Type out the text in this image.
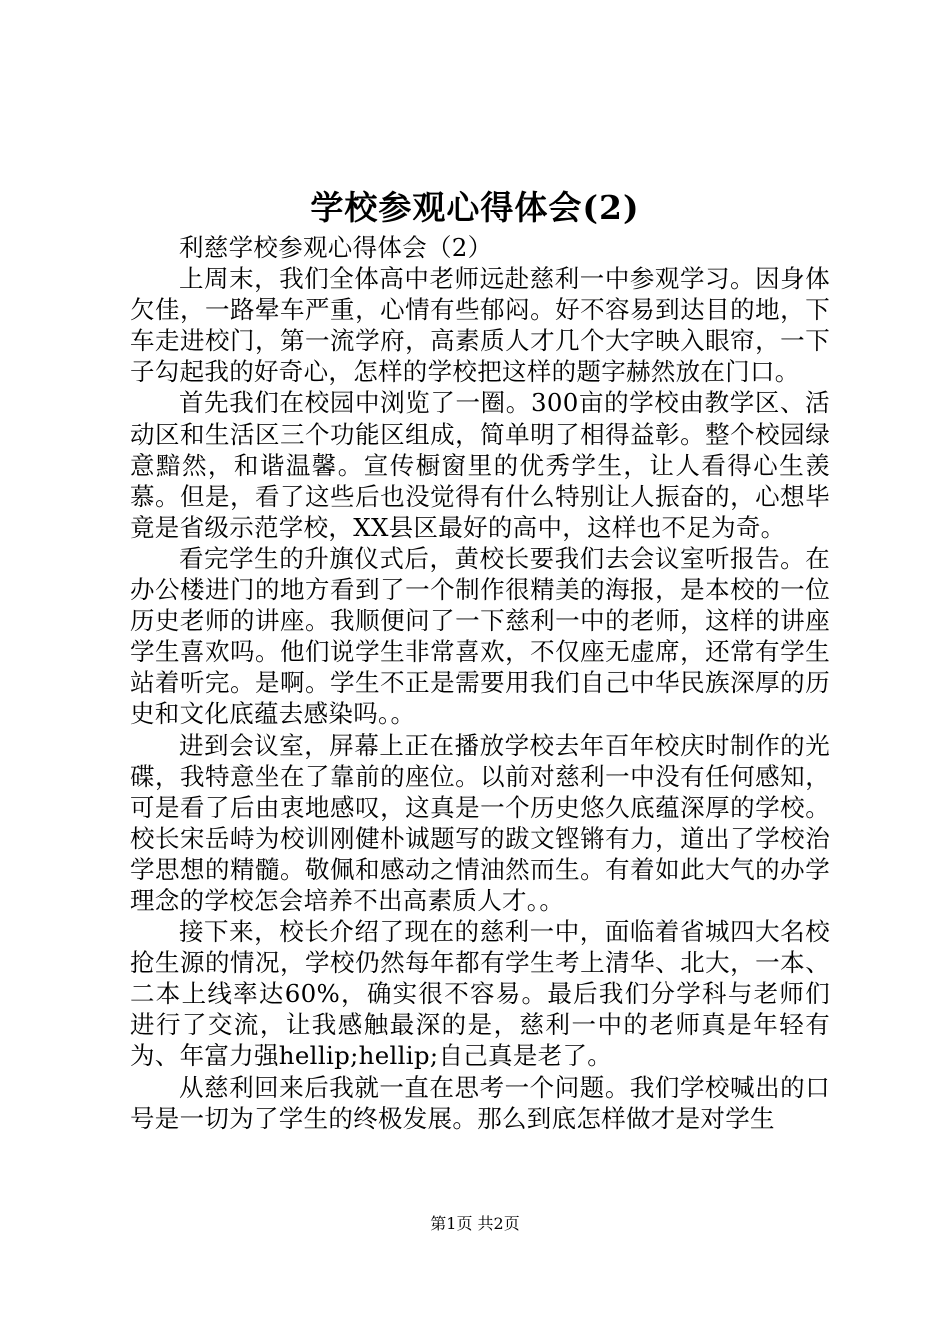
学校参观心得体会(2)

利慈学校参观心得体会（2）

上周末，我们全体高中老师远赴慈利一中参观学习。因身体欠佳，一路晕车严重，心情有些郁闷。好不容易到达目的地，下车走进校门，第一流学府，高素质人才几个大字映入眼帘，一下子勾起我的好奇心，怎样的学校把这样的题字赫然放在门口。

首先我们在校园中浏览了一圈。300亩的学校由教学区、活动区和生活区三个功能区组成，简单明了相得益彰。整个校园绿意黯然，和谐温馨。宣传橱窗里的优秀学生，让人看得心生羡慕。但是，看了这些后也没觉得有什么特别让人振奋的，心想毕竟是省级示范学校，XX县区最好的高中，这样也不足为奇。

看完学生的升旗仪式后，黄校长要我们去会议室听报告。在办公楼进门的地方看到了一个制作很精美的海报，是本校的一位历史老师的讲座。我顺便问了一下慈利一中的老师，这样的讲座学生喜欢吗。他们说学生非常喜欢，不仅座无虚席，还常有学生站着听完。是啊。学生不正是需要用我们自己中华民族深厚的历史和文化底蕴去感染吗。。

进到会议室，屏幕上正在播放学校去年百年校庆时制作的光碟，我特意坐在了靠前的座位。以前对慈利一中没有任何感知，可是看了后由衷地感叹，这真是一个历史悠久底蕴深厚的学校。校长宋岳峙为校训刚健朴诚题写的跋文铿锵有力，道出了学校治学思想的精髓。敬佩和感动之情油然而生。有着如此大气的办学理念的学校怎会培养不出高素质人才。。

接下来，校长介绍了现在的慈利一中，面临着省城四大名校抢生源的情况，学校仍然每年都有学生考上清华、北大，一本、二本上线率达60%，确实很不容易。最后我们分学科与老师们进行了交流，让我感触最深的是，慈利一中的老师真是年轻有为、年富力强hellip;hellip;自己真是老了。

从慈利回来后我就一直在思考一个问题。我们学校喊出的口号是一切为了学生的终极发展。那么到底怎样做才是对学生

第1页 共2页
